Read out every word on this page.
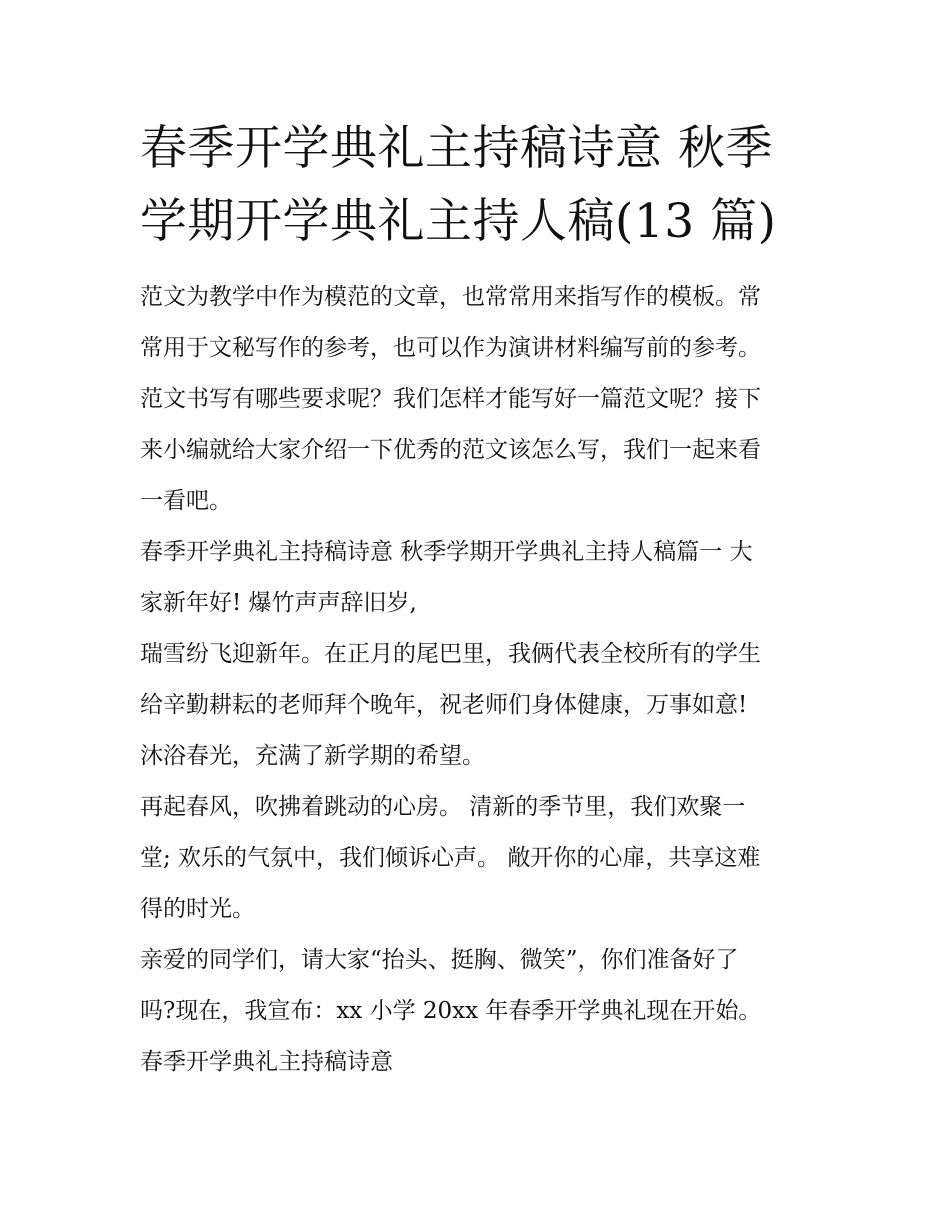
春季开学典礼主持稿诗意 秋季
学期开学典礼主持人稿(13 篇)

范文为教学中作为模范的文章，也常常用来指写作的模板。常
常用于文秘写作的参考，也可以作为演讲材料编写前的参考。
范文书写有哪些要求呢？我们怎样才能写好一篇范文呢？接下
来小编就给大家介绍一下优秀的范文该怎么写，我们一起来看
一看吧。

春季开学典礼主持稿诗意 秋季学期开学典礼主持人稿篇一 大
家新年好! 爆竹声声辞旧岁,

瑞雪纷飞迎新年。在正月的尾巴里，我俩代表全校所有的学生
给辛勤耕耘的老师拜个晚年，祝老师们身体健康，万事如意!
沐浴春光，充满了新学期的希望。

再起春风，吹拂着跳动的心房。 清新的季节里，我们欢聚一
堂; 欢乐的气氛中，我们倾诉心声。 敞开你的心扉，共享这难
得的时光。

亲爱的同学们，请大家“抬头、挺胸、微笑”，你们准备好了
吗?现在，我宣布：xx 小学 20xx 年春季开学典礼现在开始。

春季开学典礼主持稿诗意
